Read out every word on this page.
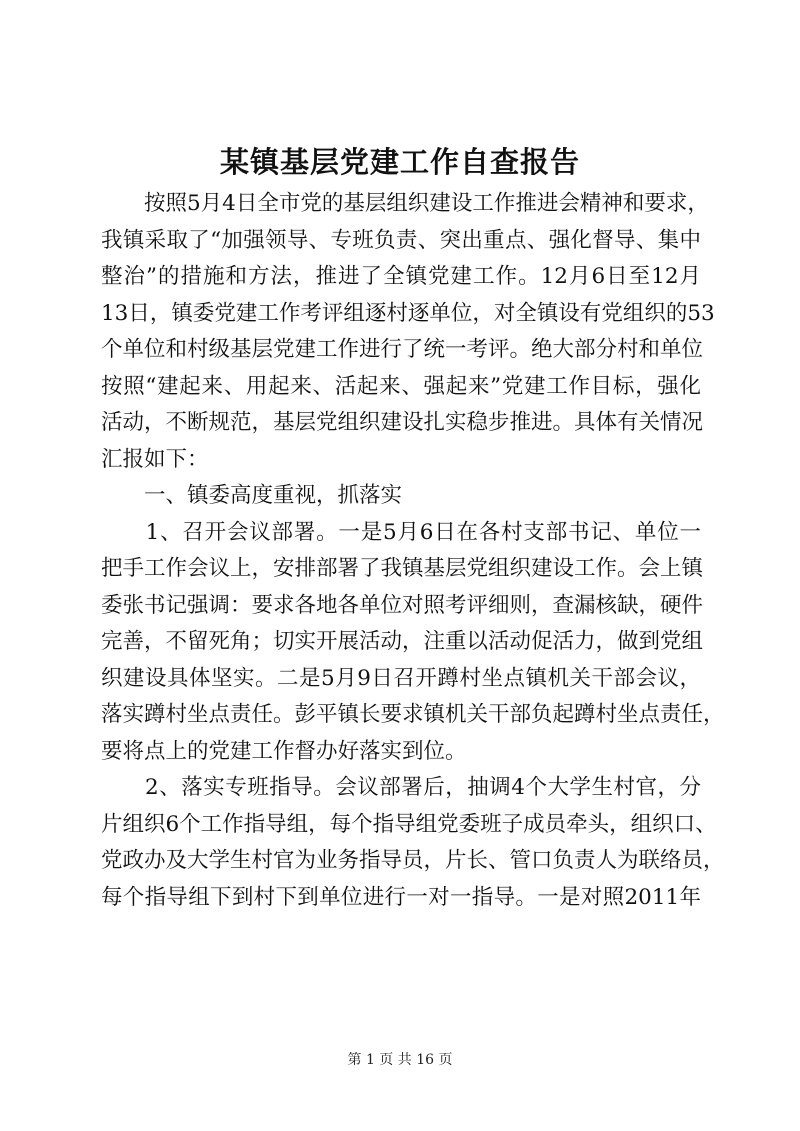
某镇基层党建工作自查报告
　　按照5月4日全市党的基层组织建设工作推进会精神和要求，
我镇采取了“加强领导、专班负责、突出重点、强化督导、集中
整治”的措施和方法，推进了全镇党建工作。12月6日至12月
13日，镇委党建工作考评组逐村逐单位，对全镇设有党组织的53
个单位和村级基层党建工作进行了统一考评。绝大部分村和单位
按照“建起来、用起来、活起来、强起来”党建工作目标，强化
活动，不断规范，基层党组织建设扎实稳步推进。具体有关情况
汇报如下：
　　一、镇委高度重视，抓落实
　　1、召开会议部署。一是5月6日在各村支部书记、单位一
把手工作会议上，安排部署了我镇基层党组织建设工作。会上镇
委张书记强调：要求各地各单位对照考评细则，查漏核缺，硬件
完善，不留死角；切实开展活动，注重以活动促活力，做到党组
织建设具体坚实。二是5月9日召开蹲村坐点镇机关干部会议，
落实蹲村坐点责任。彭平镇长要求镇机关干部负起蹲村坐点责任，
要将点上的党建工作督办好落实到位。
　　2、落实专班指导。会议部署后，抽调4个大学生村官，分
片组织6个工作指导组，每个指导组党委班子成员牵头，组织口、
党政办及大学生村官为业务指导员，片长、管口负责人为联络员，
每个指导组下到村下到单位进行一对一指导。一是对照2011年
第 1 页 共 16 页
